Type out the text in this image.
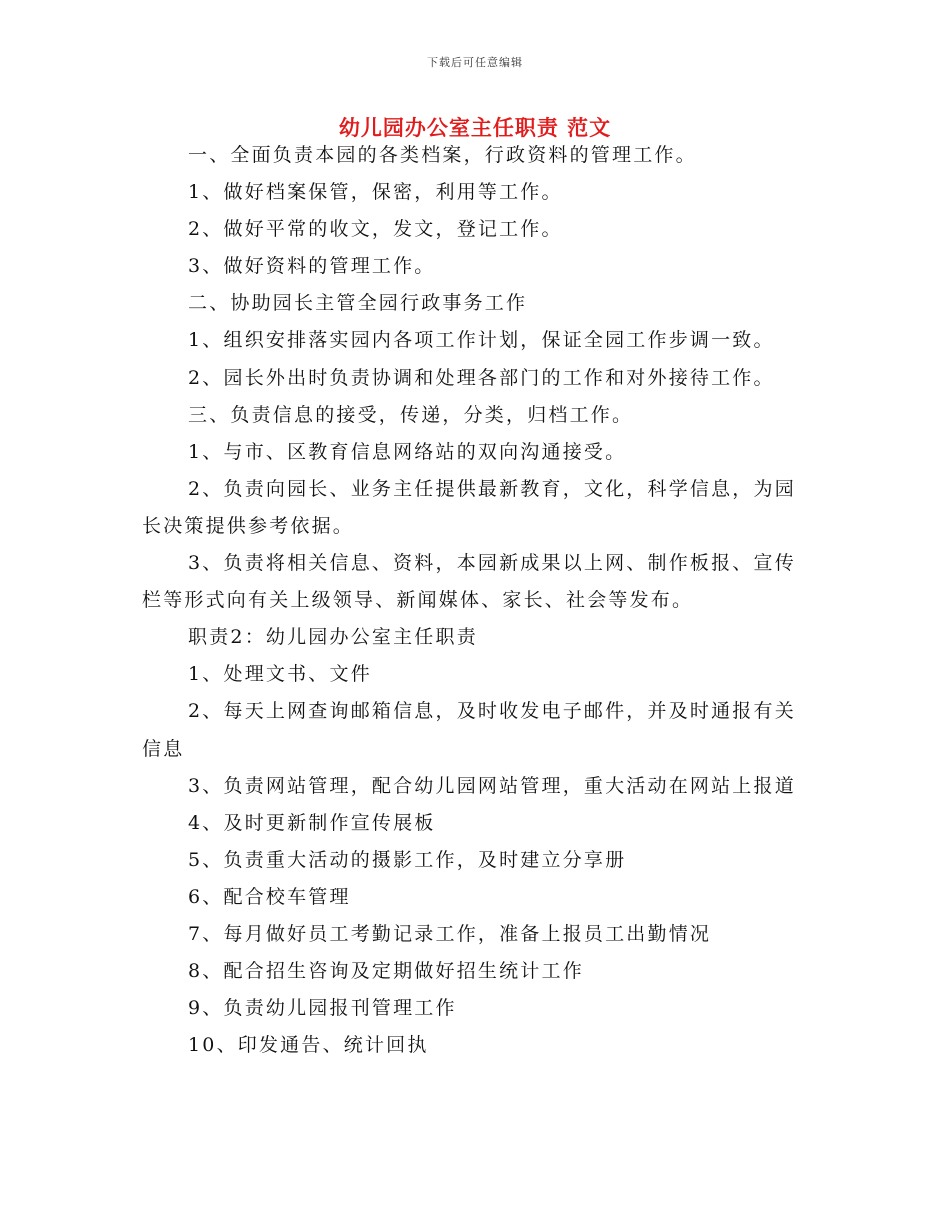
下载后可任意编辑
幼儿园办公室主任职责 范文

一、全面负责本园的各类档案，行政资料的管理工作。

1、做好档案保管，保密，利用等工作。

2、做好平常的收文，发文，登记工作。

3、做好资料的管理工作。

二、协助园长主管全园行政事务工作

1、组织安排落实园内各项工作计划，保证全园工作步调一致。

2、园长外出时负责协调和处理各部门的工作和对外接待工作。

三、负责信息的接受，传递，分类，归档工作。

1、与市、区教育信息网络站的双向沟通接受。

2、负责向园长、业务主任提供最新教育，文化，科学信息，为园长决策提供参考依据。

3、负责将相关信息、资料，本园新成果以上网、制作板报、宣传栏等形式向有关上级领导、新闻媒体、家长、社会等发布。

职责2：幼儿园办公室主任职责

1、处理文书、文件

2、每天上网查询邮箱信息，及时收发电子邮件，并及时通报有关信息

3、负责网站管理，配合幼儿园网站管理，重大活动在网站上报道

4、及时更新制作宣传展板

5、负责重大活动的摄影工作，及时建立分享册

6、配合校车管理

7、每月做好员工考勤记录工作，准备上报员工出勤情况

8、配合招生咨询及定期做好招生统计工作

9、负责幼儿园报刊管理工作

10、印发通告、统计回执
